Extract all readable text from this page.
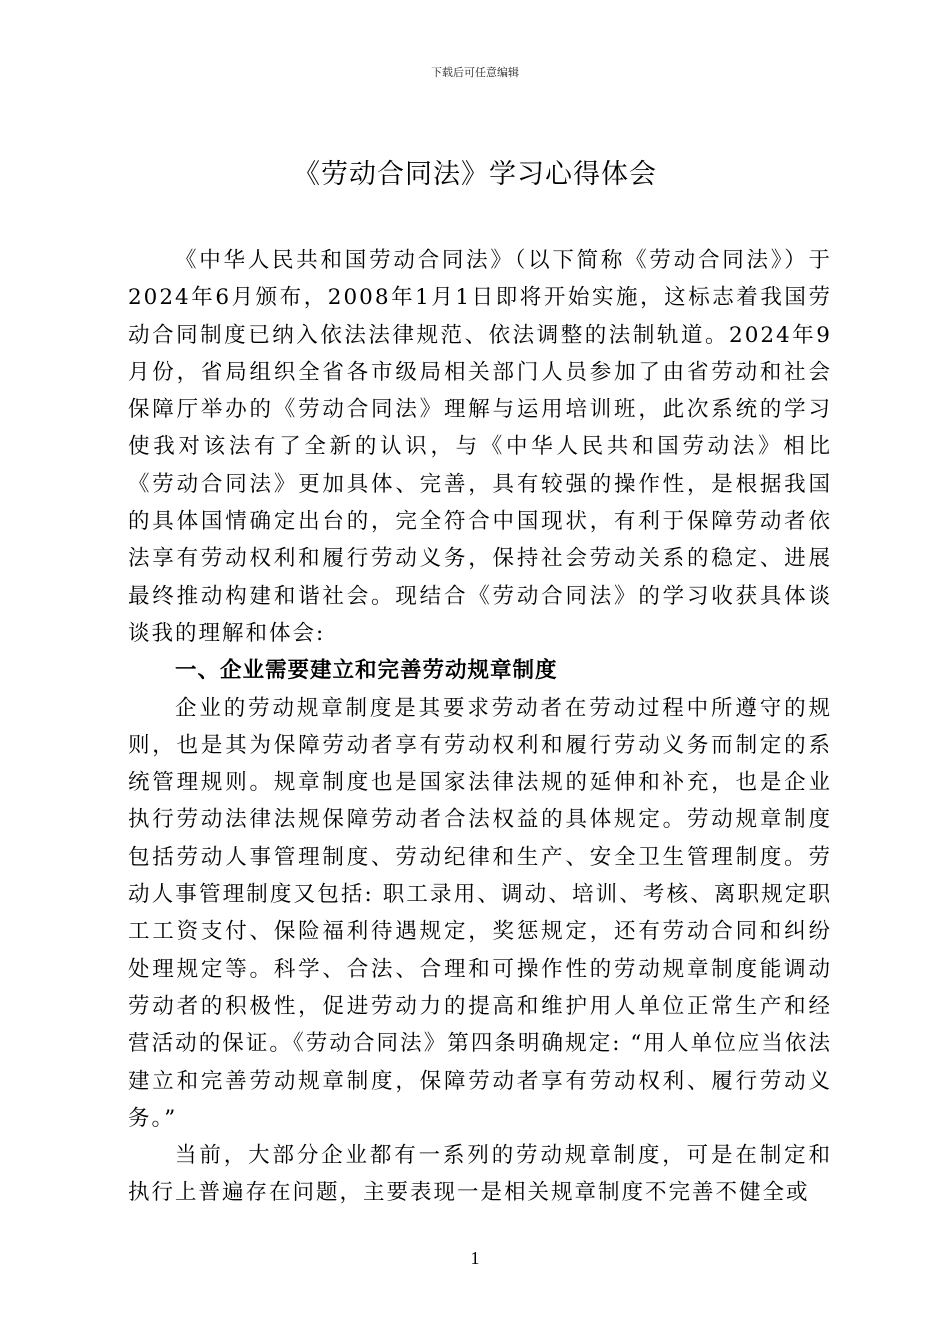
下载后可任意编辑
《劳动合同法》学习心得体会

《中华人民共和国劳动合同法》（以下简称《劳动合同法》）于2024年6月颁布，2008年1月1日即将开始实施，这标志着我国劳动合同制度已纳入依法法律规范、依法调整的法制轨道。2024年9月份，省局组织全省各市级局相关部门人员参加了由省劳动和社会保障厅举办的《劳动合同法》理解与运用培训班，此次系统的学习使我对该法有了全新的认识，与《中华人民共和国劳动法》相比《劳动合同法》更加具体、完善，具有较强的操作性，是根据我国的具体国情确定出台的，完全符合中国现状，有利于保障劳动者依法享有劳动权利和履行劳动义务，保持社会劳动关系的稳定、进展最终推动构建和谐社会。现结合《劳动合同法》的学习收获具体谈谈我的理解和体会:

一、企业需要建立和完善劳动规章制度

企业的劳动规章制度是其要求劳动者在劳动过程中所遵守的规则，也是其为保障劳动者享有劳动权利和履行劳动义务而制定的系统管理规则。规章制度也是国家法律法规的延伸和补充，也是企业执行劳动法律法规保障劳动者合法权益的具体规定。劳动规章制度包括劳动人事管理制度、劳动纪律和生产、安全卫生管理制度。劳动人事管理制度又包括: 职工录用、调动、培训、考核、离职规定职工工资支付、保险福利待遇规定，奖惩规定，还有劳动合同和纠纷处理规定等。科学、合法、合理和可操作性的劳动规章制度能调动劳动者的积极性，促进劳动力的提高和维护用人单位正常生产和经营活动的保证。《劳动合同法》第四条明确规定: “用人单位应当依法建立和完善劳动规章制度，保障劳动者享有劳动权利、履行劳动义务。”

当前，大部分企业都有一系列的劳动规章制度，可是在制定和执行上普遍存在问题，主要表现一是相关规章制度不完善不健全或

1
